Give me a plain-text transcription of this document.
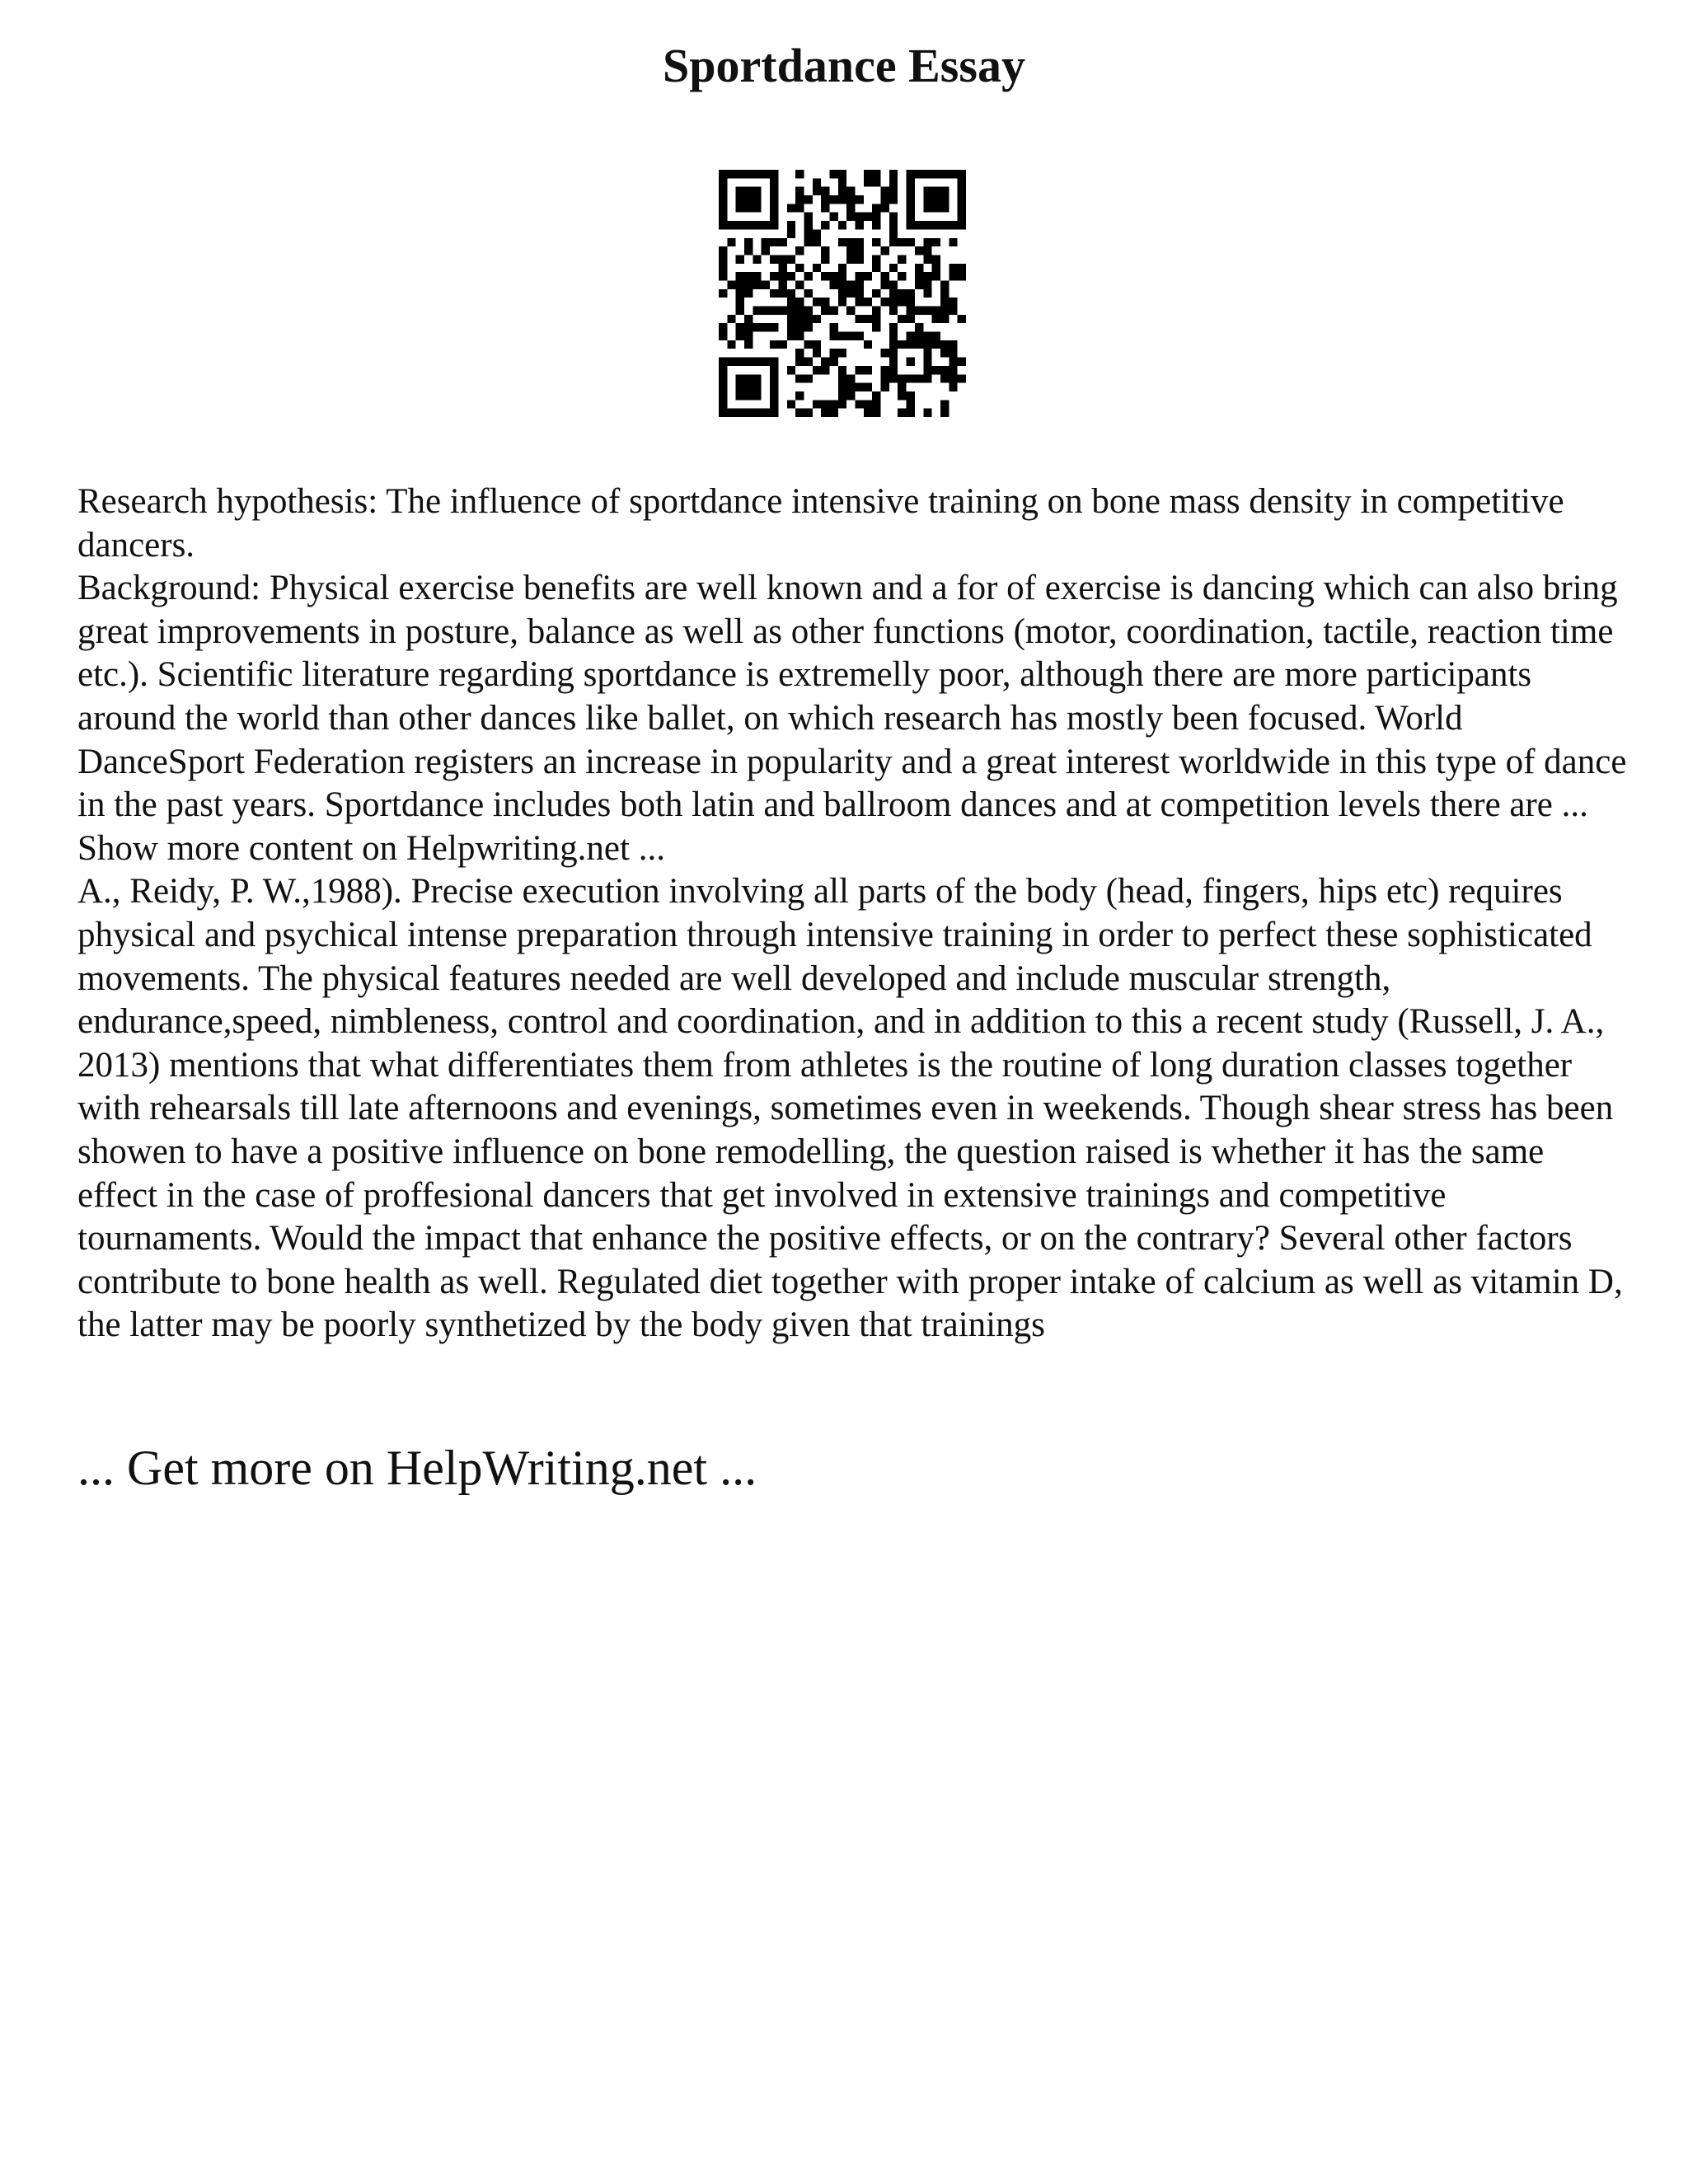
Sportdance Essay

Research hypothesis: The influence of sportdance intensive training on bone mass density in competitive dancers.

Background: Physical exercise benefits are well known and a for of exercise is dancing which can also bring great improvements in posture, balance as well as other functions (motor, coordination, tactile, reaction time etc.). Scientific literature regarding sportdance is extremelly poor, although there are more participants around the world than other dances like ballet, on which research has mostly been focused. World DanceSport Federation registers an increase in popularity and a great interest worldwide in this type of dance in the past years. Sportdance includes both latin and ballroom dances and at competition levels there are ... Show more content on Helpwriting.net ...

A., Reidy, P. W.,1988). Precise execution involving all parts of the body (head, fingers, hips etc) requires physical and psychical intense preparation through intensive training in order to perfect these sophisticated movements. The physical features needed are well developed and include muscular strength, endurance,speed, nimbleness, control and coordination, and in addition to this a recent study (Russell, J. A., 2013) mentions that what differentiates them from athletes is the routine of long duration classes together with rehearsals till late afternoons and evenings, sometimes even in weekends. Though shear stress has been showen to have a positive influence on bone remodelling, the question raised is whether it has the same effect in the case of proffesional dancers that get involved in extensive trainings and competitive tournaments. Would the impact that enhance the positive effects, or on the contrary? Several other factors contribute to bone health as well. Regulated diet together with proper intake of calcium as well as vitamin D, the latter may be poorly synthetized by the body given that trainings

... Get more on HelpWriting.net ...
